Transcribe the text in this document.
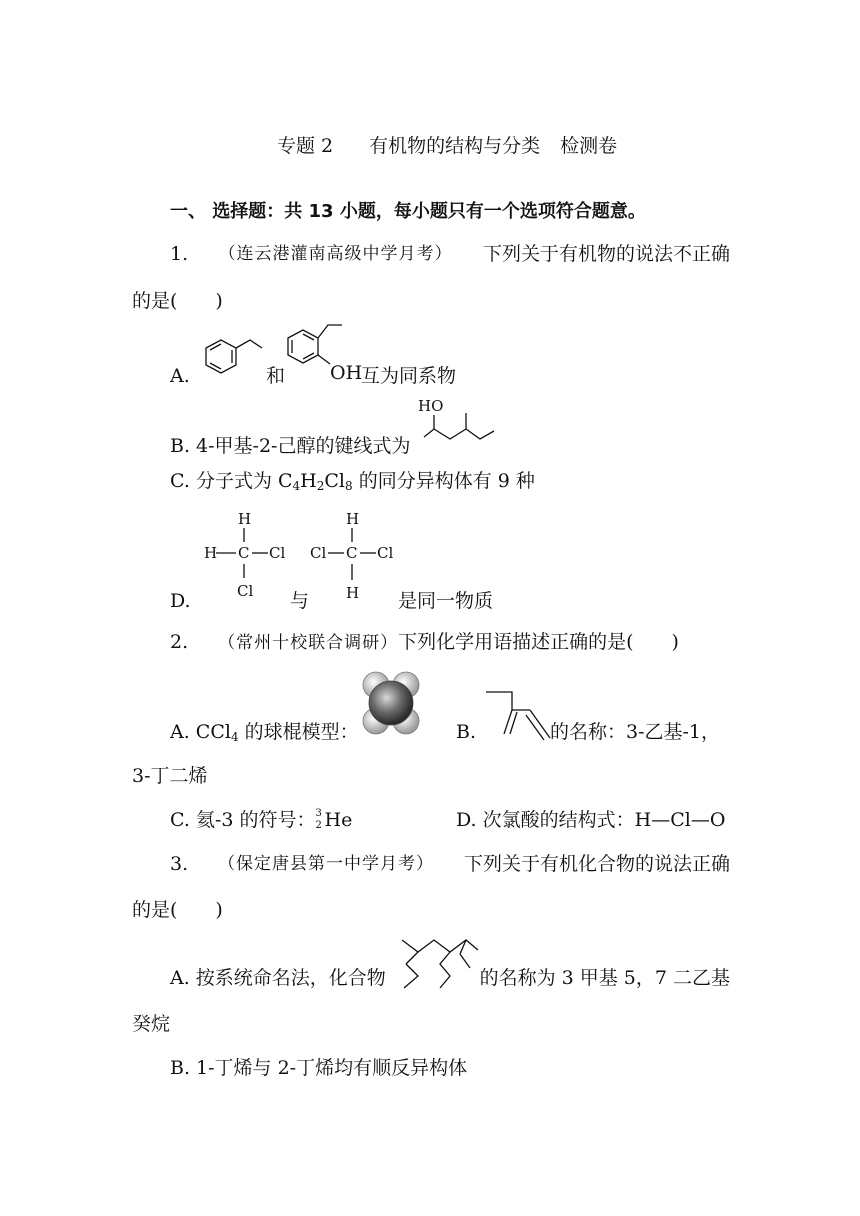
专题 2 有机物的结构与分类 检测卷
一、 选择题：共 13 小题，每小题只有一个选项符合题意。
1. （连云港灌南高级中学月考） 下列关于有机物的说法不正确
的是(　　)
A.	和 OH
互为同系物
B. 4-甲基-2-己醇的键线式为
HO
C. 分子式为 $C_4H_2Cl_8$ 的同分异构体有 9 种
D.
H
H C Cl
Cl 与
H
Cl C Cl
H 是同一物质
2. （常州十校联合调研）下列化学用语描述正确的是(　　)
A. CCl$_4$ 的球棍模型：	B.	的名称：3-乙基-1，
3-丁二烯
C. 氦-3 的符号： 3
2 He	D. 次氯酸的结构式：H—Cl—O
3. （保定唐县第一中学月考） 下列关于有机化合物的说法正确
的是(　　)
A. 按系统命名法，化合物	的名称为 3 甲基 5，7 二乙基
癸烷
B. 1-丁烯与 2-丁烯均有顺反异构体
